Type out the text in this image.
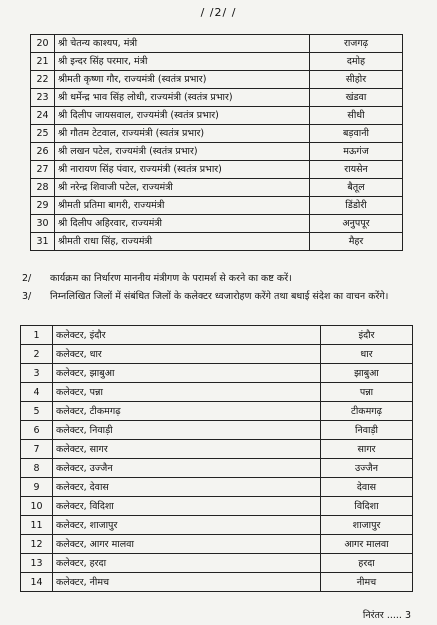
/ /2/ /
20	श्री चेतन्य काश्यप, मंत्री	राजगढ़
21	श्री इन्दर सिंह परमार, मंत्री	दमोह
22	श्रीमती कृष्णा गौर, राज्यमंत्री (स्वतंत्र प्रभार)	सीहोर
23	श्री धर्मेन्द्र भाव सिंह लोधी, राज्यमंत्री (स्वतंत्र प्रभार)	खंडवा
24	श्री दिलीप जायसवाल, राज्यमंत्री (स्वतंत्र प्रभार)	सीधी
25	श्री गौतम टेटवाल, राज्यमंत्री (स्वतंत्र प्रभार)	बड़वानी
26	श्री लखन पटेल, राज्यमंत्री (स्वतंत्र प्रभार)	मऊगंज
27	श्री नारायण सिंह पंवार, राज्यमंत्री (स्वतंत्र प्रभार)	रायसेन
28	श्री नरेन्द्र शिवाजी पटेल, राज्यमंत्री	बैतूल
29	श्रीमती प्रतिमा बागरी, राज्यमंत्री	डिंडोरी
30	श्री दिलीप अहिरवार, राज्यमंत्री	अनुपपूर
31	श्रीमती राधा सिंह, राज्यमंत्री	मैहर
2/ कार्यक्रम का निर्धारण माननीय मंत्रीगण के परामर्श से करने का कष्ट करें।
3/ निम्नलिखित जिलों में संबंधित जिलों के कलेक्टर ध्वजारोहण करेंगे तथा बधाई संदेश का वाचन करेंगे।
1	कलेक्टर, इंदौर	इंदौर
2	कलेक्टर, धार	धार
3	कलेक्टर, झाबुआ	झाबुआ
4	कलेक्टर, पन्ना	पन्ना
5	कलेक्टर, टीकमगढ़	टीकमगढ़
6	कलेक्टर, निवाड़ी	निवाड़ी
7	कलेक्टर, सागर	सागर
8	कलेक्टर, उज्जैन	उज्जैन
9	कलेक्टर, देवास	देवास
10	कलेक्टर, विदिशा	विदिशा
11	कलेक्टर, शाजापुर	शाजापुर
12	कलेक्टर, आगर मालवा	आगर मालवा
13	कलेक्टर, हरदा	हरदा
14	कलेक्टर, नीमच	नीमच
निरंतर ..... 3
